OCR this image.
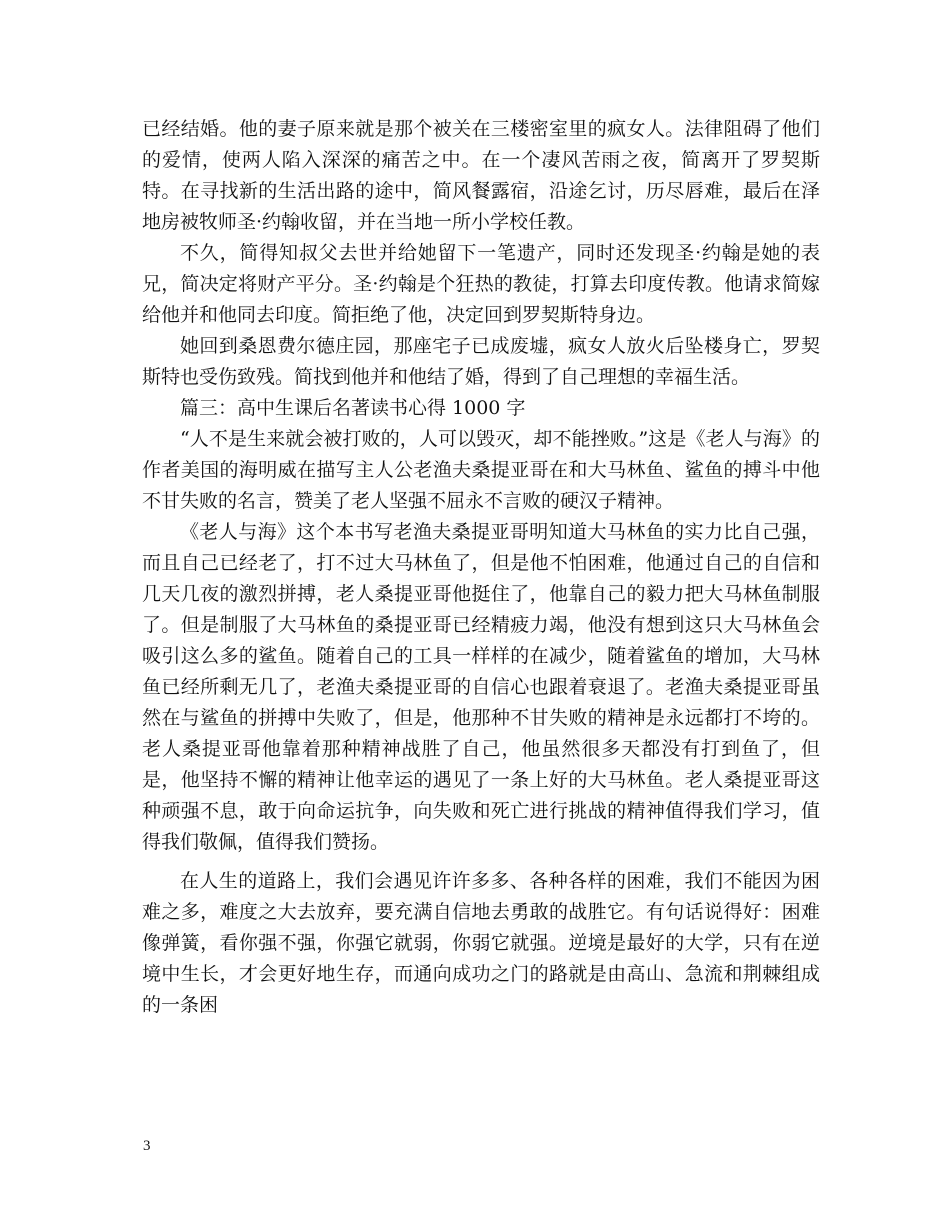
已经结婚。他的妻子原来就是那个被关在三楼密室里的疯女人。法律阻碍了他们的爱情，使两人陷入深深的痛苦之中。在一个凄风苦雨之夜，简离开了罗契斯特。在寻找新的生活出路的途中，简风餐露宿，沿途乞讨，历尽唇难，最后在泽地房被牧师圣·约翰收留，并在当地一所小学校任教。

不久，简得知叔父去世并给她留下一笔遗产，同时还发现圣·约翰是她的表兄，简决定将财产平分。圣·约翰是个狂热的教徒，打算去印度传教。他请求简嫁给他并和他同去印度。简拒绝了他，决定回到罗契斯特身边。

她回到桑恩费尔德庄园，那座宅子已成废墟，疯女人放火后坠楼身亡，罗契斯特也受伤致残。简找到他并和他结了婚，得到了自己理想的幸福生活。

篇三：高中生课后名著读书心得 1000 字

“人不是生来就会被打败的，人可以毁灭，却不能挫败。”这是《老人与海》的作者美国的海明威在描写主人公老渔夫桑提亚哥在和大马林鱼、鲨鱼的搏斗中他不甘失败的名言，赞美了老人坚强不屈永不言败的硬汉子精神。

《老人与海》这个本书写老渔夫桑提亚哥明知道大马林鱼的实力比自己强，而且自己已经老了，打不过大马林鱼了，但是他不怕困难，他通过自己的自信和几天几夜的激烈拼搏，老人桑提亚哥他挺住了，他靠自己的毅力把大马林鱼制服了。但是制服了大马林鱼的桑提亚哥已经精疲力竭，他没有想到这只大马林鱼会吸引这么多的鲨鱼。随着自己的工具一样样的在减少，随着鲨鱼的增加，大马林鱼已经所剩无几了，老渔夫桑提亚哥的自信心也跟着衰退了。老渔夫桑提亚哥虽然在与鲨鱼的拼搏中失败了，但是，他那种不甘失败的精神是永远都打不垮的。老人桑提亚哥他靠着那种精神战胜了自己，他虽然很多天都没有打到鱼了，但是，他坚持不懈的精神让他幸运的遇见了一条上好的大马林鱼。老人桑提亚哥这种顽强不息，敢于向命运抗争，向失败和死亡进行挑战的精神值得我们学习，值得我们敬佩，值得我们赞扬。

在人生的道路上，我们会遇见许许多多、各种各样的困难，我们不能因为困难之多，难度之大去放弃，要充满自信地去勇敢的战胜它。有句话说得好：困难像弹簧，看你强不强，你强它就弱，你弱它就强。逆境是最好的大学，只有在逆境中生长，才会更好地生存，而通向成功之门的路就是由高山、急流和荆棘组成的一条困

3
